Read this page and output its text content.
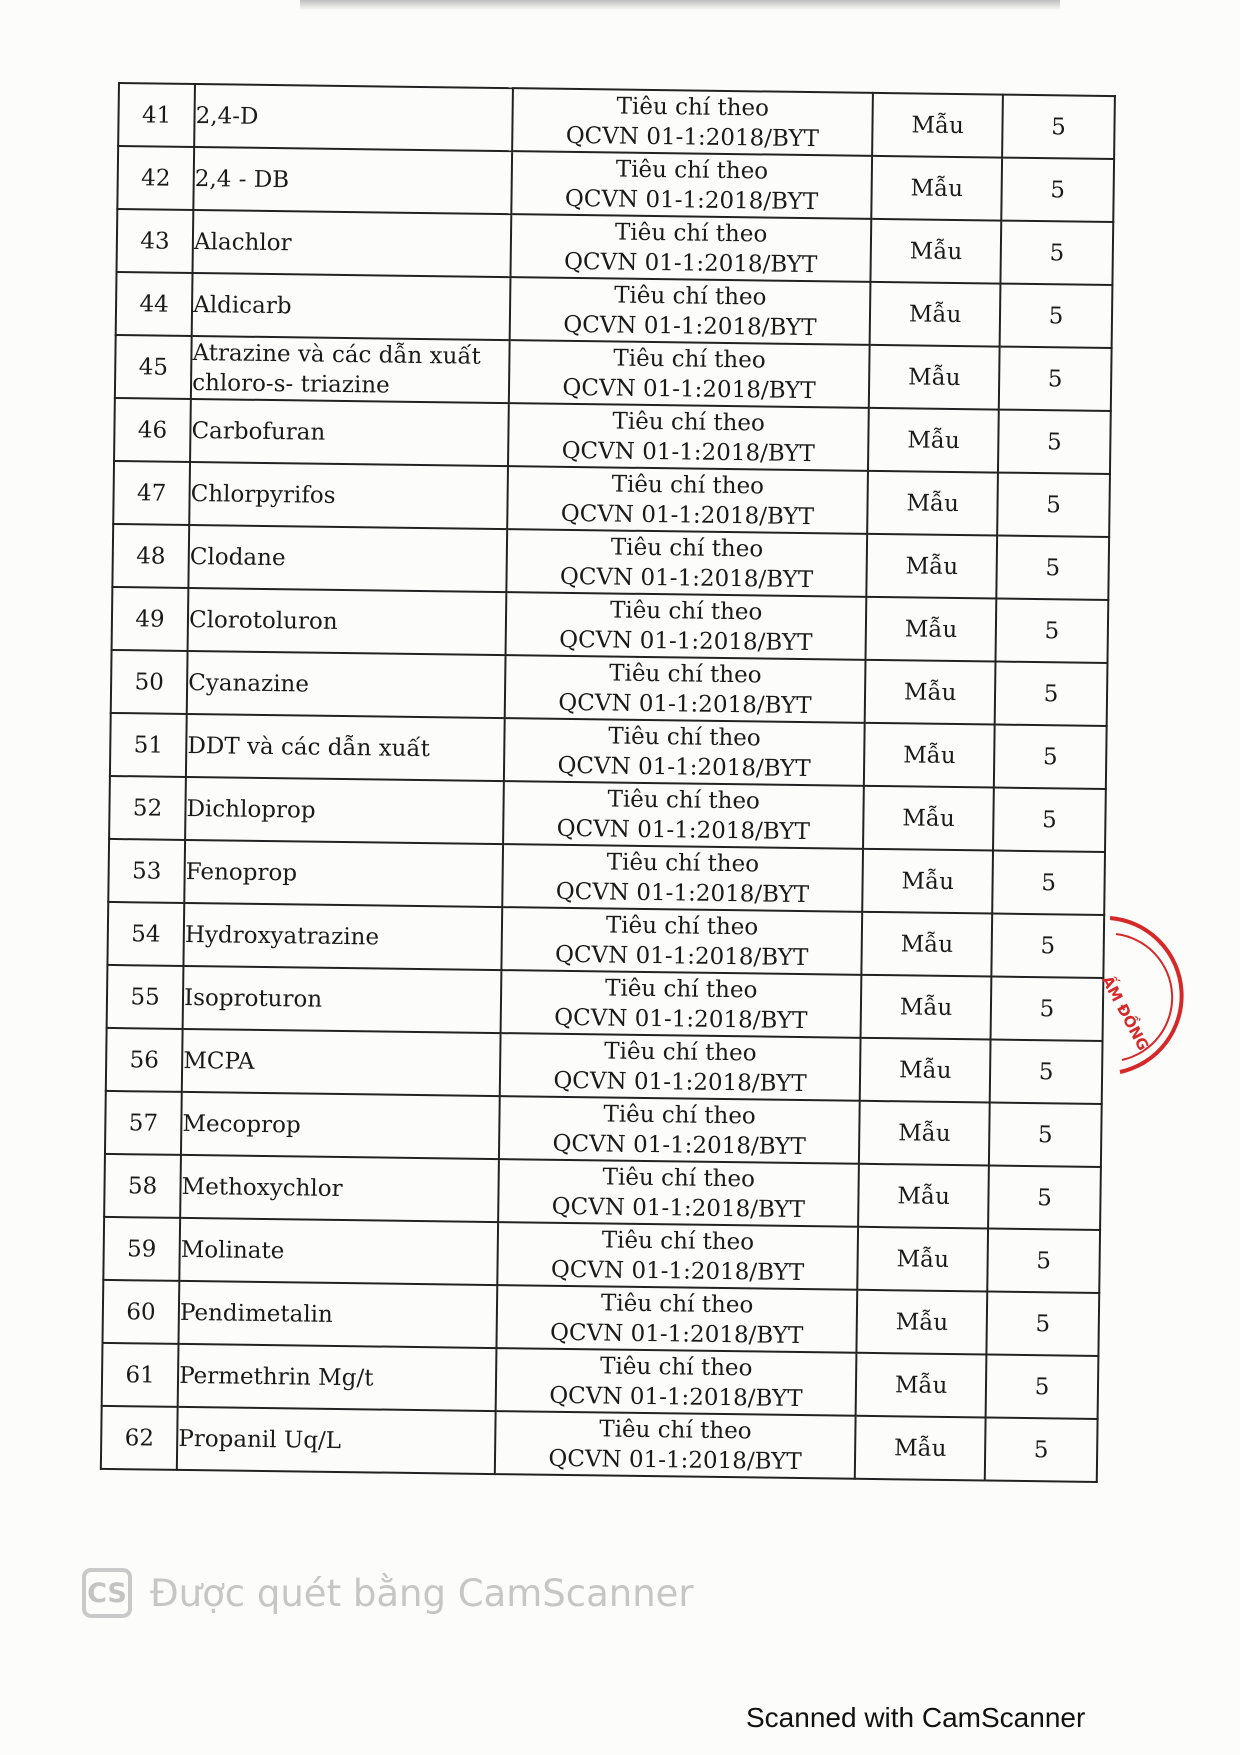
41	2,4-D	Tiêu chí theo
QCVN 01-1:2018/BYT	Mẫu	5
42	2,4 - DB	Tiêu chí theo
QCVN 01-1:2018/BYT	Mẫu	5
43	Alachlor	Tiêu chí theo
QCVN 01-1:2018/BYT	Mẫu	5
44	Aldicarb	Tiêu chí theo
QCVN 01-1:2018/BYT	Mẫu	5
45	Atrazine và các dẫn xuất chloro-s- triazine	Tiêu chí theo
QCVN 01-1:2018/BYT	Mẫu	5
46	Carbofuran	Tiêu chí theo
QCVN 01-1:2018/BYT	Mẫu	5
47	Chlorpyrifos	Tiêu chí theo
QCVN 01-1:2018/BYT	Mẫu	5
48	Clodane	Tiêu chí theo
QCVN 01-1:2018/BYT	Mẫu	5
49	Clorotoluron	Tiêu chí theo
QCVN 01-1:2018/BYT	Mẫu	5
50	Cyanazine	Tiêu chí theo
QCVN 01-1:2018/BYT	Mẫu	5
51	DDT và các dẫn xuất	Tiêu chí theo
QCVN 01-1:2018/BYT	Mẫu	5
52	Dichloprop	Tiêu chí theo
QCVN 01-1:2018/BYT	Mẫu	5
53	Fenoprop	Tiêu chí theo
QCVN 01-1:2018/BYT	Mẫu	5
54	Hydroxyatrazine	Tiêu chí theo
QCVN 01-1:2018/BYT	Mẫu	5
55	Isoproturon	Tiêu chí theo
QCVN 01-1:2018/BYT	Mẫu	5
56	MCPA	Tiêu chí theo
QCVN 01-1:2018/BYT	Mẫu	5
57	Mecoprop	Tiêu chí theo
QCVN 01-1:2018/BYT	Mẫu	5
58	Methoxychlor	Tiêu chí theo
QCVN 01-1:2018/BYT	Mẫu	5
59	Molinate	Tiêu chí theo
QCVN 01-1:2018/BYT	Mẫu	5
60	Pendimetalin	Tiêu chí theo
QCVN 01-1:2018/BYT	Mẫu	5
61	Permethrin Mg/t	Tiêu chí theo
QCVN 01-1:2018/BYT	Mẫu	5
62	Propanil Uq/L	Tiêu chí theo
QCVN 01-1:2018/BYT	Mẫu	5
ẤM ĐỒNG
CS Được quét bằng CamScanner
Scanned with CamScanner
